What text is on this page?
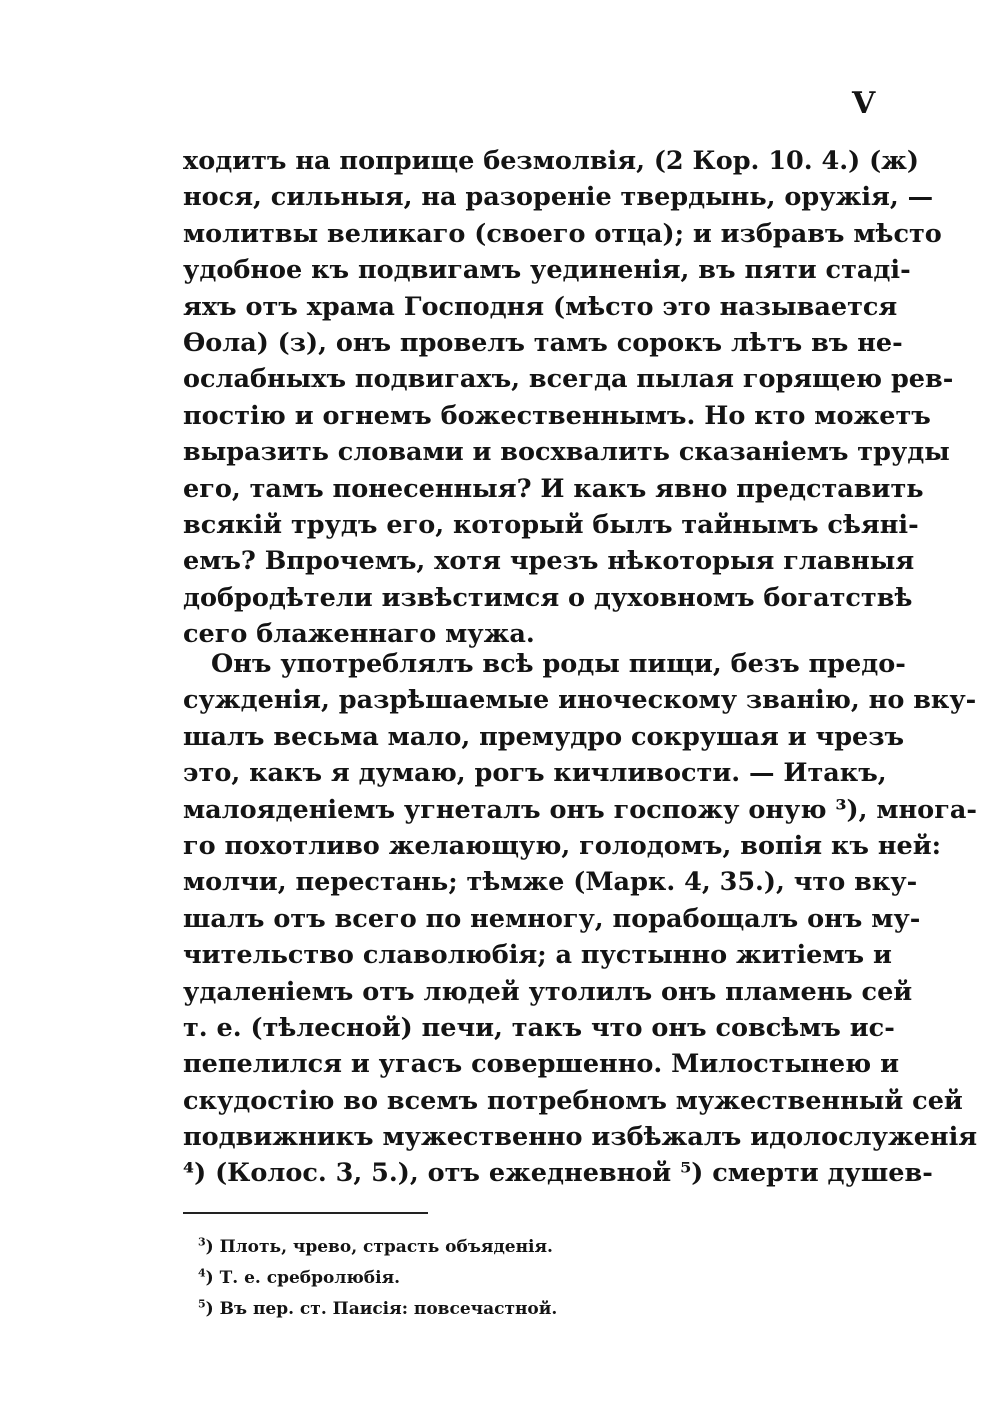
V
ходитъ на поприще безмолвія, (2 Кор. 10. 4.) (ж)
нося, сильныя, на разореніе твердынь, оружія, —
молитвы великаго (своего отца); и избравъ мѣсто
удобное къ подвигамъ уединенія, въ пяти стаді-
яхъ отъ храма Господня (мѣсто это называется
Ѳола) (з), онъ провелъ тамъ сорокъ лѣтъ въ не-
ослабныхъ подвигахъ, всегда пылая горящею рев-
постію и огнемъ божественнымъ. Но кто можетъ
выразить словами и восхвалить сказаніемъ труды
его, тамъ понесенныя? И какъ явно представить
всякій трудъ его, который былъ тайнымъ сѣяні-
емъ? Впрочемъ, хотя чрезъ нѣкоторыя главныя
добродѣтели извѣстимся о духовномъ богатствѣ
сего блаженнаго мужа.
Онъ употреблялъ всѣ роды пищи, безъ предо-
сужденія, разрѣшаемые иноческому званію, но вку-
шалъ весьма мало, премудро сокрушая и чрезъ
это, какъ я думаю, рогъ кичливости. — Итакъ,
малояденіемъ угнеталъ онъ госпожу оную ³), многа-
го похотливо желающую, голодомъ, вопія къ ней:
молчи, перестань; тѣмже (Марк. 4, 35.), что вку-
шалъ отъ всего по немногу, порабощалъ онъ му-
чительство славолюбія; а пустынно житіемъ и
удаленіемъ отъ людей утолилъ онъ пламень сей
т. е. (тѣлесной) печи, такъ что онъ совсѣмъ ис-
пепелился и угасъ совершенно. Милостынею и
скудостію во всемъ потребномъ мужественный сей
подвижникъ мужественно избѣжалъ идолослуженія
⁴) (Колос. 3, 5.), отъ ежедневной ⁵) смерти душев-
$^3$) Плоть, чрево, страсть объяденія.
$^4$) Т. е. сребролюбія.
$^5$) Въ пер. ст. Паисія: повсечастной.
